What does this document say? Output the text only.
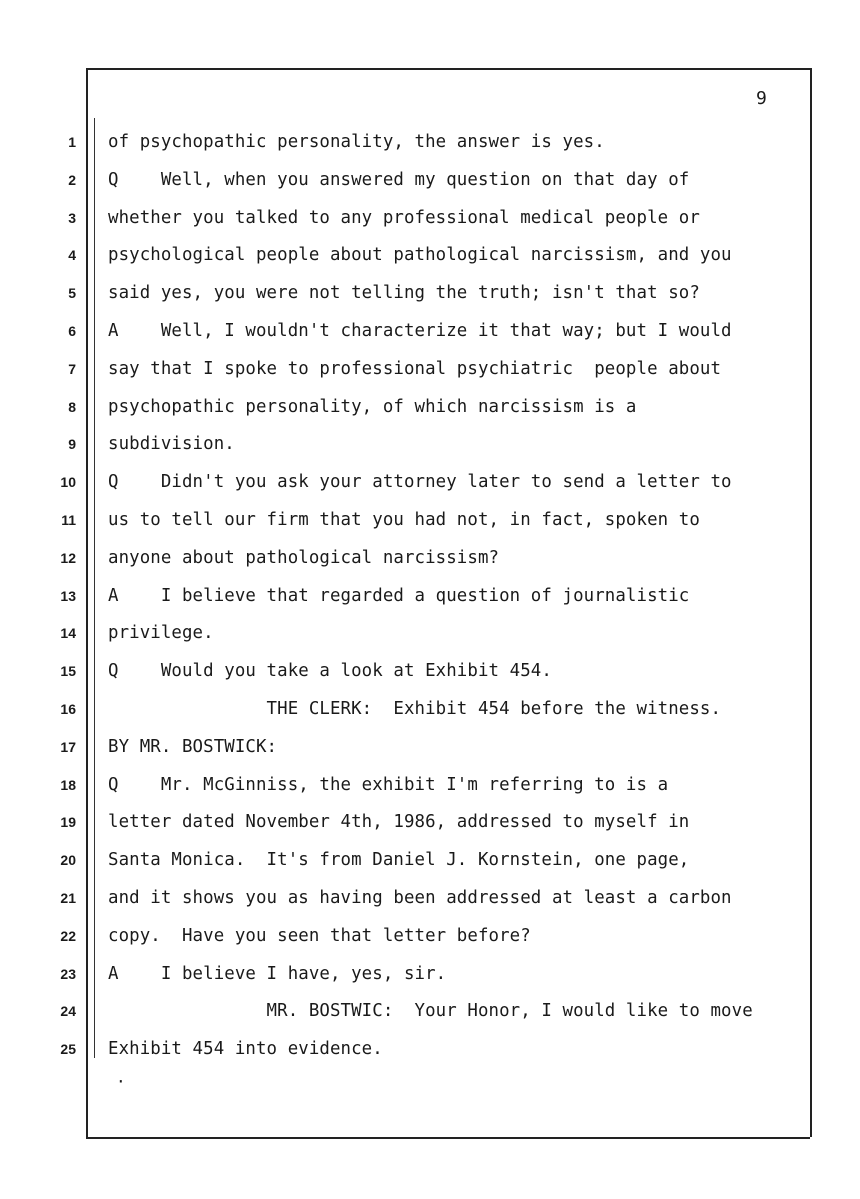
9
1
2
3
4
5
6
7
8
9
10
11
12
13
14
15
16
17
18
19
20
21
22
23
24
25
of psychopathic personality, the answer is yes.
Q    Well, when you answered my question on that day of
whether you talked to any professional medical people or
psychological people about pathological narcissism, and you
said yes, you were not telling the truth; isn't that so?
A    Well, I wouldn't characterize it that way; but I would
say that I spoke to professional psychiatric  people about
psychopathic personality, of which narcissism is a
subdivision.
Q    Didn't you ask your attorney later to send a letter to
us to tell our firm that you had not, in fact, spoken to
anyone about pathological narcissism?
A    I believe that regarded a question of journalistic
privilege.
Q    Would you take a look at Exhibit 454.
THE CLERK:  Exhibit 454 before the witness.
BY MR. BOSTWICK:
Q    Mr. McGinniss, the exhibit I'm referring to is a
letter dated November 4th, 1986, addressed to myself in
Santa Monica.  It's from Daniel J. Kornstein, one page,
and it shows you as having been addressed at least a carbon
copy.  Have you seen that letter before?
A    I believe I have, yes, sir.
MR. BOSTWIC:  Your Honor, I would like to move
Exhibit 454 into evidence.
·
